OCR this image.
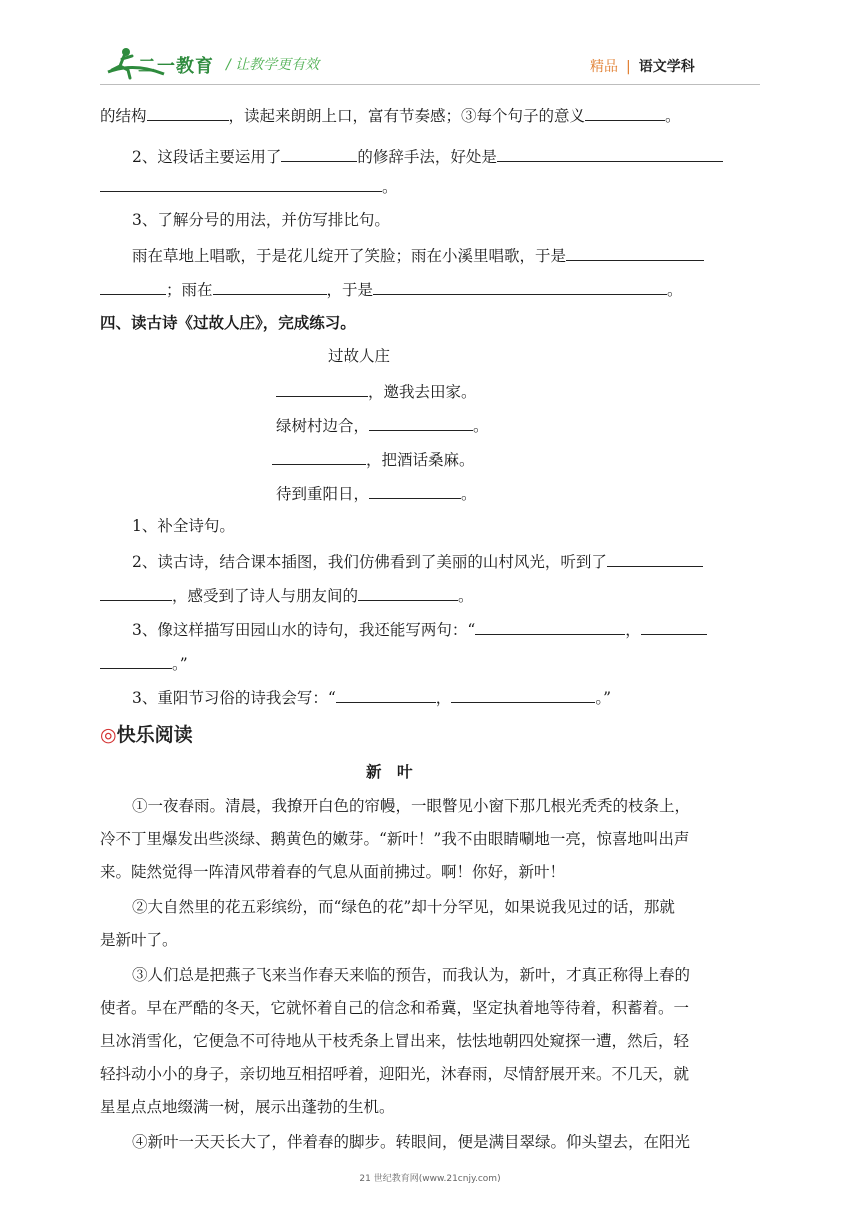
二一教育 / 让教学更有效	精品 | 语文学科
的结构	，读起来朗朗上口，富有节奏感；③每个句子的意义	。
2、这段话主要运用了	的修辞手法，好处是
。
3、了解分号的用法，并仿写排比句。
雨在草地上唱歌，于是花儿绽开了笑脸；雨在小溪里唱歌，于是
；雨在	，于是	。
四、读古诗《过故人庄》，完成练习。
过故人庄
，邀我去田家。
绿树村边合，	。
，把酒话桑麻。
待到重阳日，	。
1、补全诗句。
2、读古诗，结合课本插图，我们仿佛看到了美丽的山村风光，听到了
，感受到了诗人与朋友间的	。
3、像这样描写田园山水的诗句，我还能写两句：“	，
。”
3、重阳节习俗的诗我会写：“	，	。”
◎快乐阅读
新　叶
①一夜春雨。清晨，我撩开白色的帘幔，一眼瞥见小窗下那几根光秃秃的枝条上，
冷不丁里爆发出些淡绿、鹅黄色的嫩芽。“新叶！”我不由眼睛唰地一亮，惊喜地叫出声
来。陡然觉得一阵清风带着春的气息从面前拂过。啊！你好，新叶！
②大自然里的花五彩缤纷，而“绿色的花”却十分罕见，如果说我见过的话，那就
是新叶了。
③人们总是把燕子飞来当作春天来临的预告，而我认为，新叶，才真正称得上春的
使者。早在严酷的冬天，它就怀着自己的信念和希冀，坚定执着地等待着，积蓄着。一
旦冰消雪化，它便急不可待地从干枝秃条上冒出来，怯怯地朝四处窥探一遭，然后，轻
轻抖动小小的身子，亲切地互相招呼着，迎阳光，沐春雨，尽情舒展开来。不几天，就
星星点点地缀满一树，展示出蓬勃的生机。
④新叶一天天长大了，伴着春的脚步。转眼间，便是满目翠绿。仰头望去，在阳光
21 世纪教育网(www.21cnjy.com)
